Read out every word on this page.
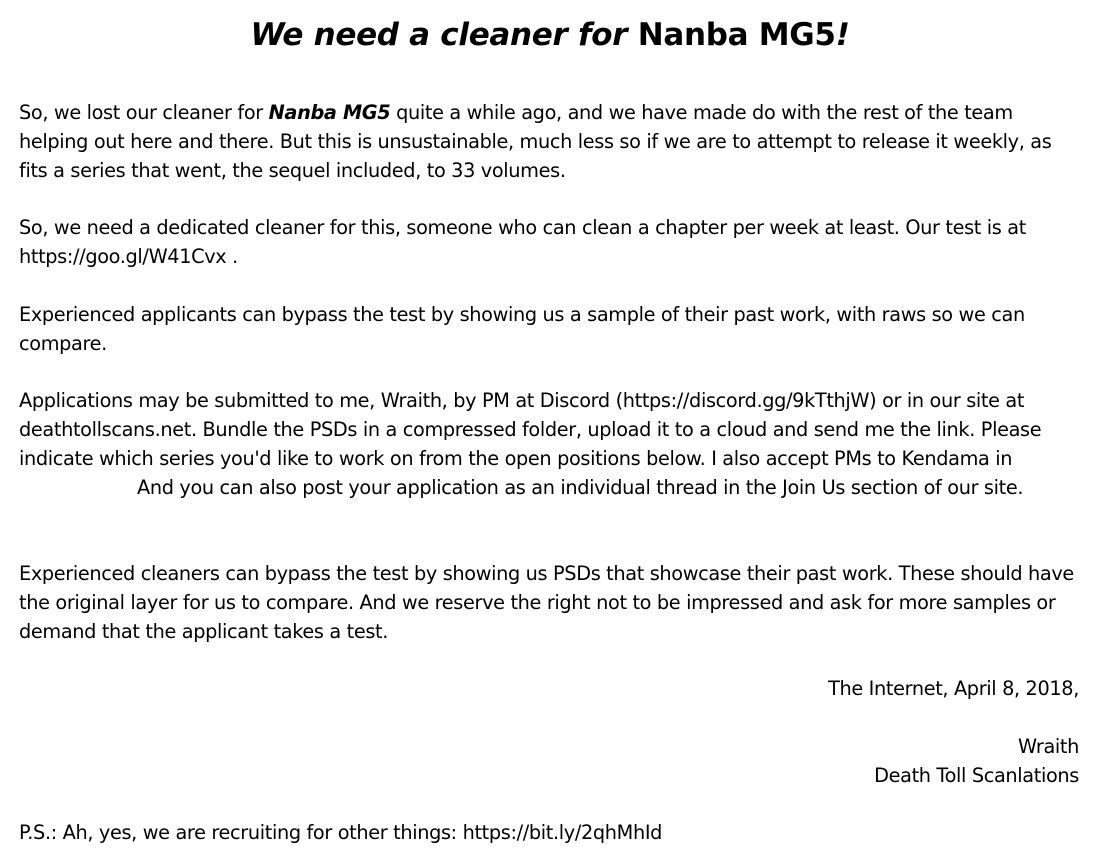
We need a cleaner for Nanba MG5!

So, we lost our cleaner for Nanba MG5 quite a while ago, and we have made do with the rest of the team helping out here and there. But this is unsustainable, much less so if we are to attempt to release it weekly, as fits a series that went, the sequel included, to 33 volumes.

So, we need a dedicated cleaner for this, someone who can clean a chapter per week at least. Our test is at https://goo.gl/W41Cvx .

Experienced applicants can bypass the test by showing us a sample of their past work, with raws so we can compare.

Applications may be submitted to me, Wraith, by PM at Discord (https://discord.gg/9kTthjW) or in our site at deathtollscans.net. Bundle the PSDs in a compressed folder, upload it to a cloud and send me the link. Please indicate which series you'd like to work on from the open positions below. I also accept PMs to Kendama in And you can also post your application as an individual thread in the Join Us section of our site.

Experienced cleaners can bypass the test by showing us PSDs that showcase their past work. These should have the original layer for us to compare. And we reserve the right not to be impressed and ask for more samples or demand that the applicant takes a test.

The Internet, April 8, 2018,
Wraith
Death Toll Scanlations
P.S.: Ah, yes, we are recruiting for other things: https://bit.ly/2qhMhId
